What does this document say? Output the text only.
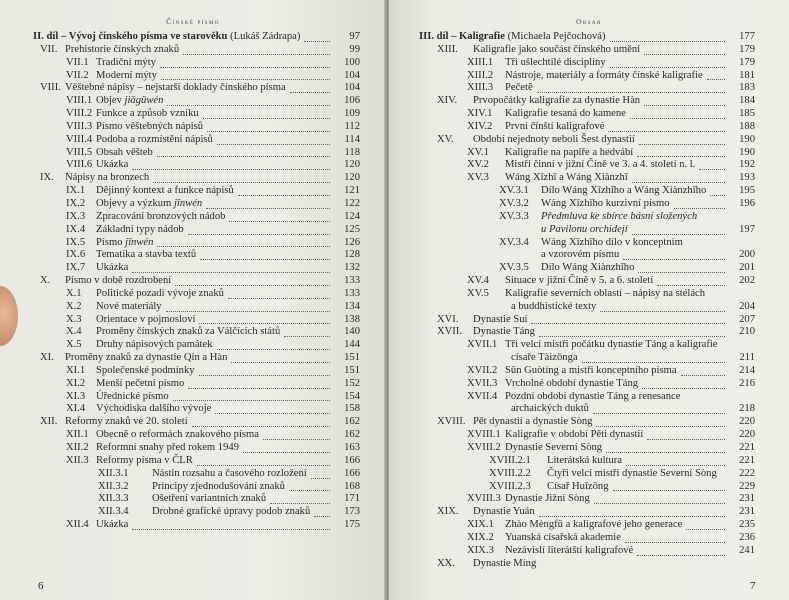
Čínské písmo
II. díl – Vývoj čínského písma ve starověku (Lukáš Zádrapa)	97
VII. Prehistorie čínských znaků	99
VII.1 Tradiční mýty	100
VII.2 Moderní mýty	104
VIII. Věštebné nápisy – nejstarší doklady čínského písma	104
VIII.1 Objev jiǎgǔwén	106
VIII.2 Funkce a způsob vzniku	109
VIII.3 Písmo věštebných nápisů	112
VIII.4 Podoba a rozmístění nápisů	114
VIII.5 Obsah věšteb	118
VIII.6 Ukázka	120
IX. Nápisy na bronzech	120
IX.1 Dějinný kontext a funkce nápisů	121
IX.2 Objevy a výzkum jīnwén	122
IX.3 Zpracování bronzových nádob	124
IX.4 Základní typy nádob	125
IX.5 Písmo jīnwén	126
IX.6 Tematika a stavba textů	128
IX.7 Ukázka	132
X. Písmo v době rozdrobení	133
X.1 Politické pozadí vývoje znaků	133
X.2 Nové materiály	134
X.3 Orientace v pojmosloví	138
X.4 Proměny čínských znaků za Válčících států	140
X.5 Druhy nápisových památek	144
XI. Proměny znaků za dynastie Qín a Hàn	151
XI.1 Společenské podmínky	151
XI.2 Menší pečetní písmo	152
XI.3 Úřednické písmo	154
XI.4 Východiska dalšího vývoje	158
XII. Reformy znaků ve 20. století	162
XII.1 Obecně o reformách znakového písma	162
XII.2 Reformní snahy před rokem 1949	163
XII.3 Reformy písma v ČLR	166
XII.3.1 Nástin rozsahu a časového rozložení	166
XII.3.2 Principy zjednodušování znaků	168
XII.3.3 Ošetření variantních znaků	171
XII.3.4 Drobné grafické úpravy podob znaků	173
XII.4 Ukázka	175
6
Obsah
III. díl – Kaligrafie (Michaela Pejčochová)	177
XIII. Kaligrafie jako součást čínského umění	179
XIII.1 Tři ušlechtilé discipliny	179
XIII.2 Nástroje, materiály a formáty čínské kaligrafie	181
XIII.3 Pečetě	183
XIV. Prvopočátky kaligrafie za dynastie Hàn	184
XIV.1 Kaligrafie tesaná do kamene	185
XIV.2 První čínští kaligrafové	188
XV. Období nejednoty neboli Šest dynastií	190
XV.1 Kaligrafie na papíře a hedvábí	190
XV.2 Mistři činní v jižní Číně ve 3. a 4. století n. l.	192
XV.3 Wáng Xīzhī a Wáng Xiànzhī	193
XV.3.1 Dílo Wáng Xīzhīho a Wáng Xiànzhīho	195
XV.3.2 Wáng Xīzhīho kurzivní písmo	196
XV.3.3 Předmluva ke sbírce básní složených
u Pavilonu orchidejí	197
XV.3.4 Wáng Xīzhīho dílo v konceptním
a vzorovém písmu	200
XV.3.5 Dílo Wáng Xiànzhīho	201
XV.4 Situace v jižní Číně v 5. a 6. století	202
XV.5 Kaligrafie severních oblastí – nápisy na stélách
a buddhistické texty	204
XVI. Dynastie Suí	207
XVII. Dynastie Táng	210
XVII.1 Tři velcí mistři počátku dynastie Táng a kaligrafie
císaře Tàizōnga	211
XVII.2 Sūn Guòtíng a mistři konceptního písma	214
XVII.3 Vrcholné období dynastie Táng	216
XVII.4 Pozdní období dynastie Táng a renesance
archaických duktů	218
XVIII. Pět dynastií a dynastie Sòng	220
XVIII.1 Kaligrafie v období Pěti dynastií	220
XVIII.2 Dynastie Severní Sòng	221
XVIII.2.1 Literátská kultura	221
XVIII.2.2 Čtyři velcí mistři dynastie Severní Sòng	222
XVIII.2.3 Císař Huīzōng	229
XVIII.3 Dynastie Jižní Sòng	231
XIX. Dynastie Yuán	231
XIX.1 Zhào Mèngfǔ a kaligrafové jeho generace	235
XIX.2 Yuanská císařská akademie	236
XIX.3 Nezávislí literátští kaligrafové	241
XX. Dynastie Míng
7
